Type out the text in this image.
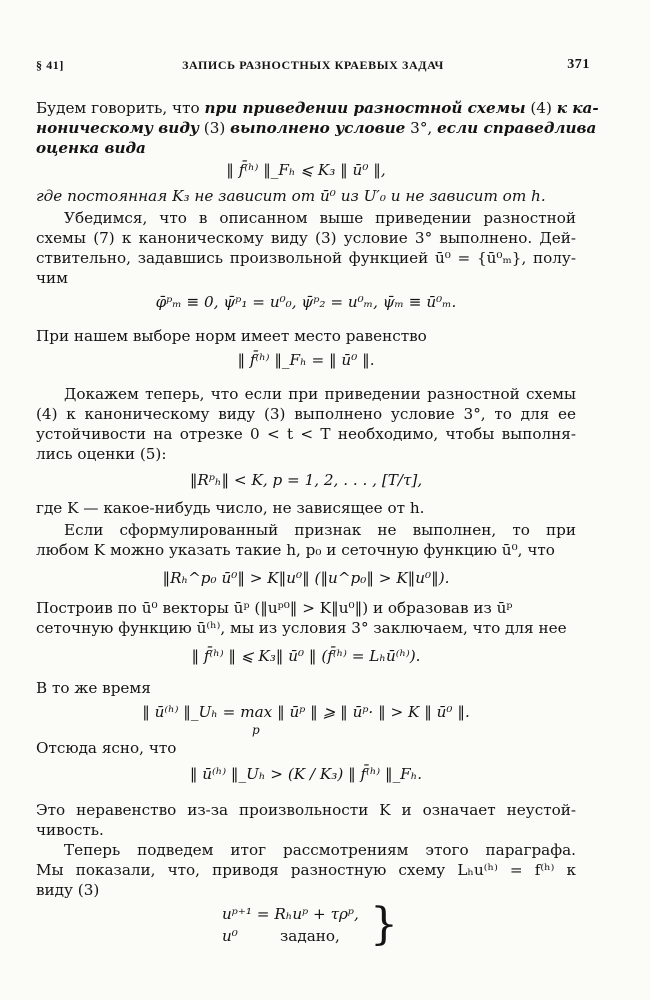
§ 41]	ЗАПИСЬ РАЗНОСТНЫХ КРАЕВЫХ ЗАДАЧ	371
Будем говорить, что при приведении разностной схемы (4) к ка-
ноническому виду (3) выполнено условие 3°, если справедлива
оценка вида
‖ f̄⁽ʰ⁾ ‖_Fₕ ⩽ K₃ ‖ ū⁰ ‖,
где постоянная K₃ не зависит от ū⁰ из U′₀ и не зависит от h.
Убедимся, что в описанном выше приведении разностной
схемы (7) к каноническому виду (3) условие 3° выполнено. Дей-
ствительно, задавшись произвольной функцией ū⁰ = {ū⁰ₘ}, полу-
чим
φ̄ᵖₘ ≡ 0, ψ̄ᵖ₁ = u⁰₀, ψ̄ᵖ₂ = u⁰ₘ, ψ̄ₘ ≡ ū⁰ₘ.
При нашем выборе норм имеет место равенство
‖ f̄⁽ʰ⁾ ‖_Fₕ = ‖ ū⁰ ‖.
Докажем теперь, что если при приведении разностной схемы
(4) к каноническому виду (3) выполнено условие 3°, то для ее
устойчивости на отрезке 0 < t < T необходимо, чтобы выполня-
лись оценки (5):
‖Rᵖₕ‖ < K, p = 1, 2, . . . , [T/τ],
где K — какое-нибудь число, не зависящее от h.
Если сформулированный признак не выполнен, то при
любом K можно указать такие h, p₀ и сеточную функцию ū⁰, что
‖Rₕ^p₀ ū⁰‖ > K‖u⁰‖ (‖u^p₀‖ > K‖u⁰‖).
Построив по ū⁰ векторы ūᵖ (‖uᵖ⁰‖ > K‖u⁰‖) и образовав из ūᵖ
сеточную функцию ū⁽ʰ⁾, мы из условия 3° заключаем, что для нее
‖ f̄⁽ʰ⁾ ‖ ⩽ K₃‖ ū⁰ ‖ (f̄⁽ʰ⁾ = Lₕū⁽ʰ⁾).
В то же время
‖ ū⁽ʰ⁾ ‖_Uₕ = max ‖ ūᵖ ‖ ⩾ ‖ ūᵖ· ‖ > K ‖ ū⁰ ‖.
p
Отсюда ясно, что
‖ ū⁽ʰ⁾ ‖_Uₕ > (K / K₃) ‖ f̄⁽ʰ⁾ ‖_Fₕ.
Это неравенство из-за произвольности K и означает неустой-
чивость.
Теперь подведем итог рассмотрениям этого параграфа.
Мы показали, что, приводя разностную схему Lₕu⁽ʰ⁾ = f⁽ʰ⁾ к
виду (3)
uᵖ⁺¹ = Rₕuᵖ + τρᵖ,
u⁰	задано, }
